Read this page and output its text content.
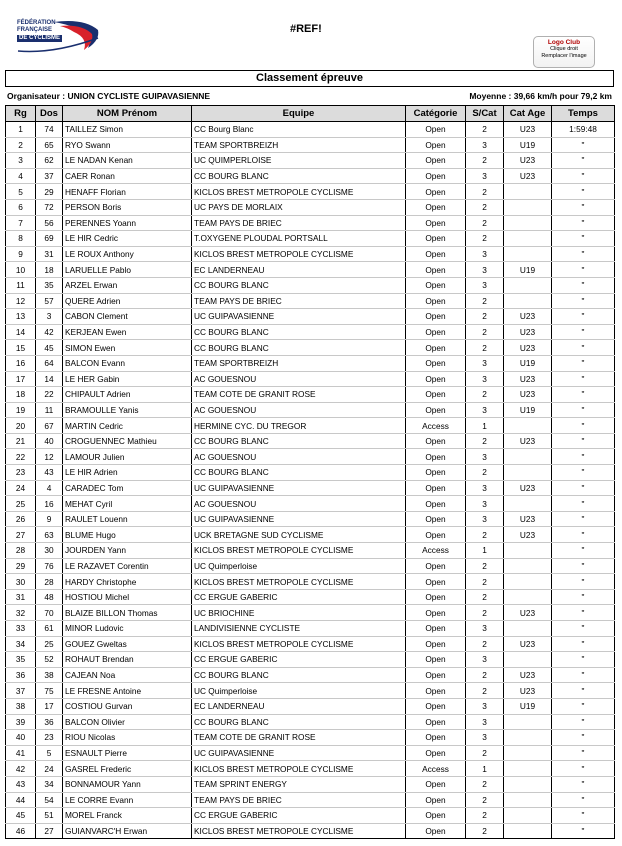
FÉDÉRATION
FRANÇAISE
DE CYCLISME
#REF!
Logo Club
Clique droit
Remplacer l'image
Classement épreuve
Organisateur : UNION CYCLISTE GUIPAVASIENNE	Moyenne : 39,66 km/h pour 79,2 km
Rg	Dos	NOM Prénom	Equipe	Catégorie	S/Cat	Cat Age	Temps
1	74	TAILLEZ Simon	CC Bourg Blanc	Open	2	U23	1:59:48
2	65	RYO Swann	TEAM SPORTBREIZH	Open	3	U19	"
3	62	LE NADAN Kenan	UC QUIMPERLOISE	Open	2	U23	"
4	37	CAER Ronan	CC BOURG BLANC	Open	3	U23	"
5	29	HENAFF Florian	KICLOS BREST METROPOLE CYCLISME	Open	2		"
6	72	PERSON Boris	UC PAYS DE MORLAIX	Open	2		"
7	56	PERENNES Yoann	TEAM PAYS DE BRIEC	Open	2		"
8	69	LE HIR Cedric	T.OXYGENE PLOUDAL PORTSALL	Open	2		"
9	31	LE ROUX Anthony	KICLOS BREST METROPOLE CYCLISME	Open	3		"
10	18	LARUELLE Pablo	EC LANDERNEAU	Open	3	U19	"
11	35	ARZEL Erwan	CC BOURG BLANC	Open	3		"
12	57	QUERE Adrien	TEAM PAYS DE BRIEC	Open	2		"
13	3	CABON Clement	UC GUIPAVASIENNE	Open	2	U23	"
14	42	KERJEAN Ewen	CC BOURG BLANC	Open	2	U23	"
15	45	SIMON Ewen	CC BOURG BLANC	Open	2	U23	"
16	64	BALCON Evann	TEAM SPORTBREIZH	Open	3	U19	"
17	14	LE HER Gabin	AC GOUESNOU	Open	3	U23	"
18	22	CHIPAULT Adrien	TEAM COTE DE GRANIT ROSE	Open	2	U23	"
19	11	BRAMOULLE Yanis	AC GOUESNOU	Open	3	U19	"
20	67	MARTIN Cedric	HERMINE CYC. DU TREGOR	Access	1		"
21	40	CROGUENNEC Mathieu	CC BOURG BLANC	Open	2	U23	"
22	12	LAMOUR Julien	AC GOUESNOU	Open	3		"
23	43	LE HIR Adrien	CC BOURG BLANC	Open	2		"
24	4	CARADEC Tom	UC GUIPAVASIENNE	Open	3	U23	"
25	16	MEHAT Cyril	AC GOUESNOU	Open	3		"
26	9	RAULET Louenn	UC GUIPAVASIENNE	Open	3	U23	"
27	63	BLUME Hugo	UCK BRETAGNE SUD CYCLISME	Open	2	U23	"
28	30	JOURDEN Yann	KICLOS BREST METROPOLE CYCLISME	Access	1		"
29	76	LE RAZAVET Corentin	UC Quimperloise	Open	2		"
30	28	HARDY Christophe	KICLOS BREST METROPOLE CYCLISME	Open	2		"
31	48	HOSTIOU Michel	CC ERGUE GABERIC	Open	2		"
32	70	BLAIZE BILLON Thomas	UC BRIOCHINE	Open	2	U23	"
33	61	MINOR Ludovic	LANDIVISIENNE CYCLISTE	Open	3		"
34	25	GOUEZ Gweltas	KICLOS BREST METROPOLE CYCLISME	Open	2	U23	"
35	52	ROHAUT Brendan	CC ERGUE GABERIC	Open	3		"
36	38	CAJEAN Noa	CC BOURG BLANC	Open	2	U23	"
37	75	LE FRESNE Antoine	UC Quimperloise	Open	2	U23	"
38	17	COSTIOU Gurvan	EC LANDERNEAU	Open	3	U19	"
39	36	BALCON Olivier	CC BOURG BLANC	Open	3		"
40	23	RIOU Nicolas	TEAM COTE DE GRANIT ROSE	Open	3		"
41	5	ESNAULT Pierre	UC GUIPAVASIENNE	Open	2		"
42	24	GASREL Frederic	KICLOS BREST METROPOLE CYCLISME	Access	1		"
43	34	BONNAMOUR Yann	TEAM SPRINT ENERGY	Open	2		"
44	54	LE CORRE Evann	TEAM PAYS DE BRIEC	Open	2		"
45	51	MOREL Franck	CC ERGUE GABERIC	Open	2		"
46	27	GUIANVARC'H Erwan	KICLOS BREST METROPOLE CYCLISME	Open	2		"
